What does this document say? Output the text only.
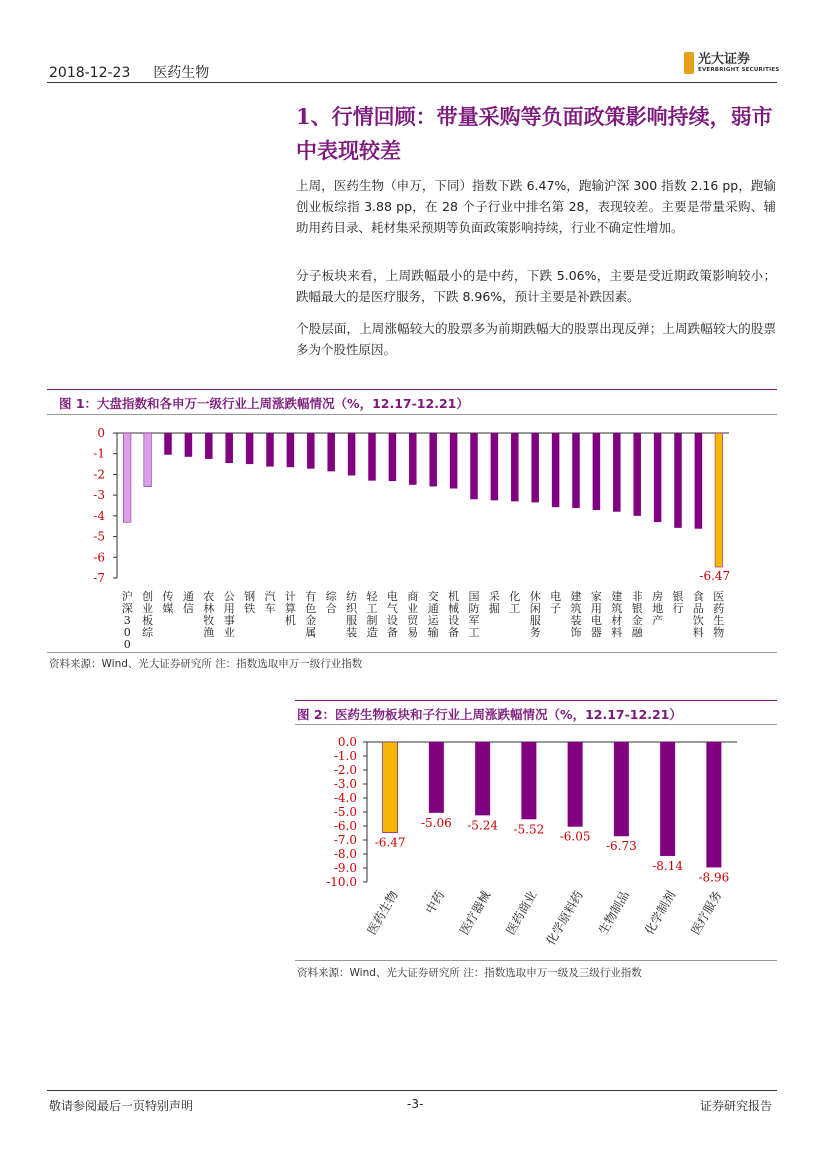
2018-12-23 医药生物
光大证券
EVERBRIGHT SECURITIES
1、行情回顾：带量采购等负面政策影响持续，弱市中表现较差
上周，医药生物（申万，下同）指数下跌 6.47%，跑输沪深 300 指数 2.16 pp，跑输创业板综指 3.88 pp，在 28 个子行业中排名第 28，表现较差。主要是带量采购、辅助用药目录、耗材集采预期等负面政策影响持续，行业不确定性增加。
分子板块来看，上周跌幅最小的是中药，下跌 5.06%，主要是受近期政策影响较小；跌幅最大的是医疗服务，下跌 8.96%，预计主要是补跌因素。
个股层面，上周涨幅较大的股票多为前期跌幅大的股票出现反弹；上周跌幅较大的股票多为个股性原因。
图 1：大盘指数和各申万一级行业上周涨跌幅情况（%，12.17-12.21）
0
-1
-2
-3
-4
-5
-6
-7
沪深 3 0 0
创业板综
传媒
通信
农林牧渔
公用事业
钢铁
汽车
计算机
有色金属
综合
纺织服装
轻工制造
电气设备
商业贸易
交通运输
机械设备
国防军工
采掘
化工
休闲服务
电子
建筑装饰
家用电器
建筑材料
非银金融
房地产
银行
食品饮料
医药生物
-6.47
资料来源：Wind、光大证券研究所 注：指数选取申万一级行业指数
图 2：医药生物板块和子行业上周涨跌幅情况（%，12.17-12.21）
0.0
-1.0
-2.0
-3.0
-4.0
-5.0
-6.0
-7.0
-8.0
-9.0
-10.0
-6.47
医药生物
-5.06
中药
-5.24
医疗器械
-5.52
医药商业
-6.05
化学原料药
-6.73
生物制品
-8.14
化学制剂
-8.96
医疗服务
资料来源：Wind、光大证券研究所 注：指数选取申万一级及三级行业指数
敬请参阅最后一页特别声明	-3-	证券研究报告
